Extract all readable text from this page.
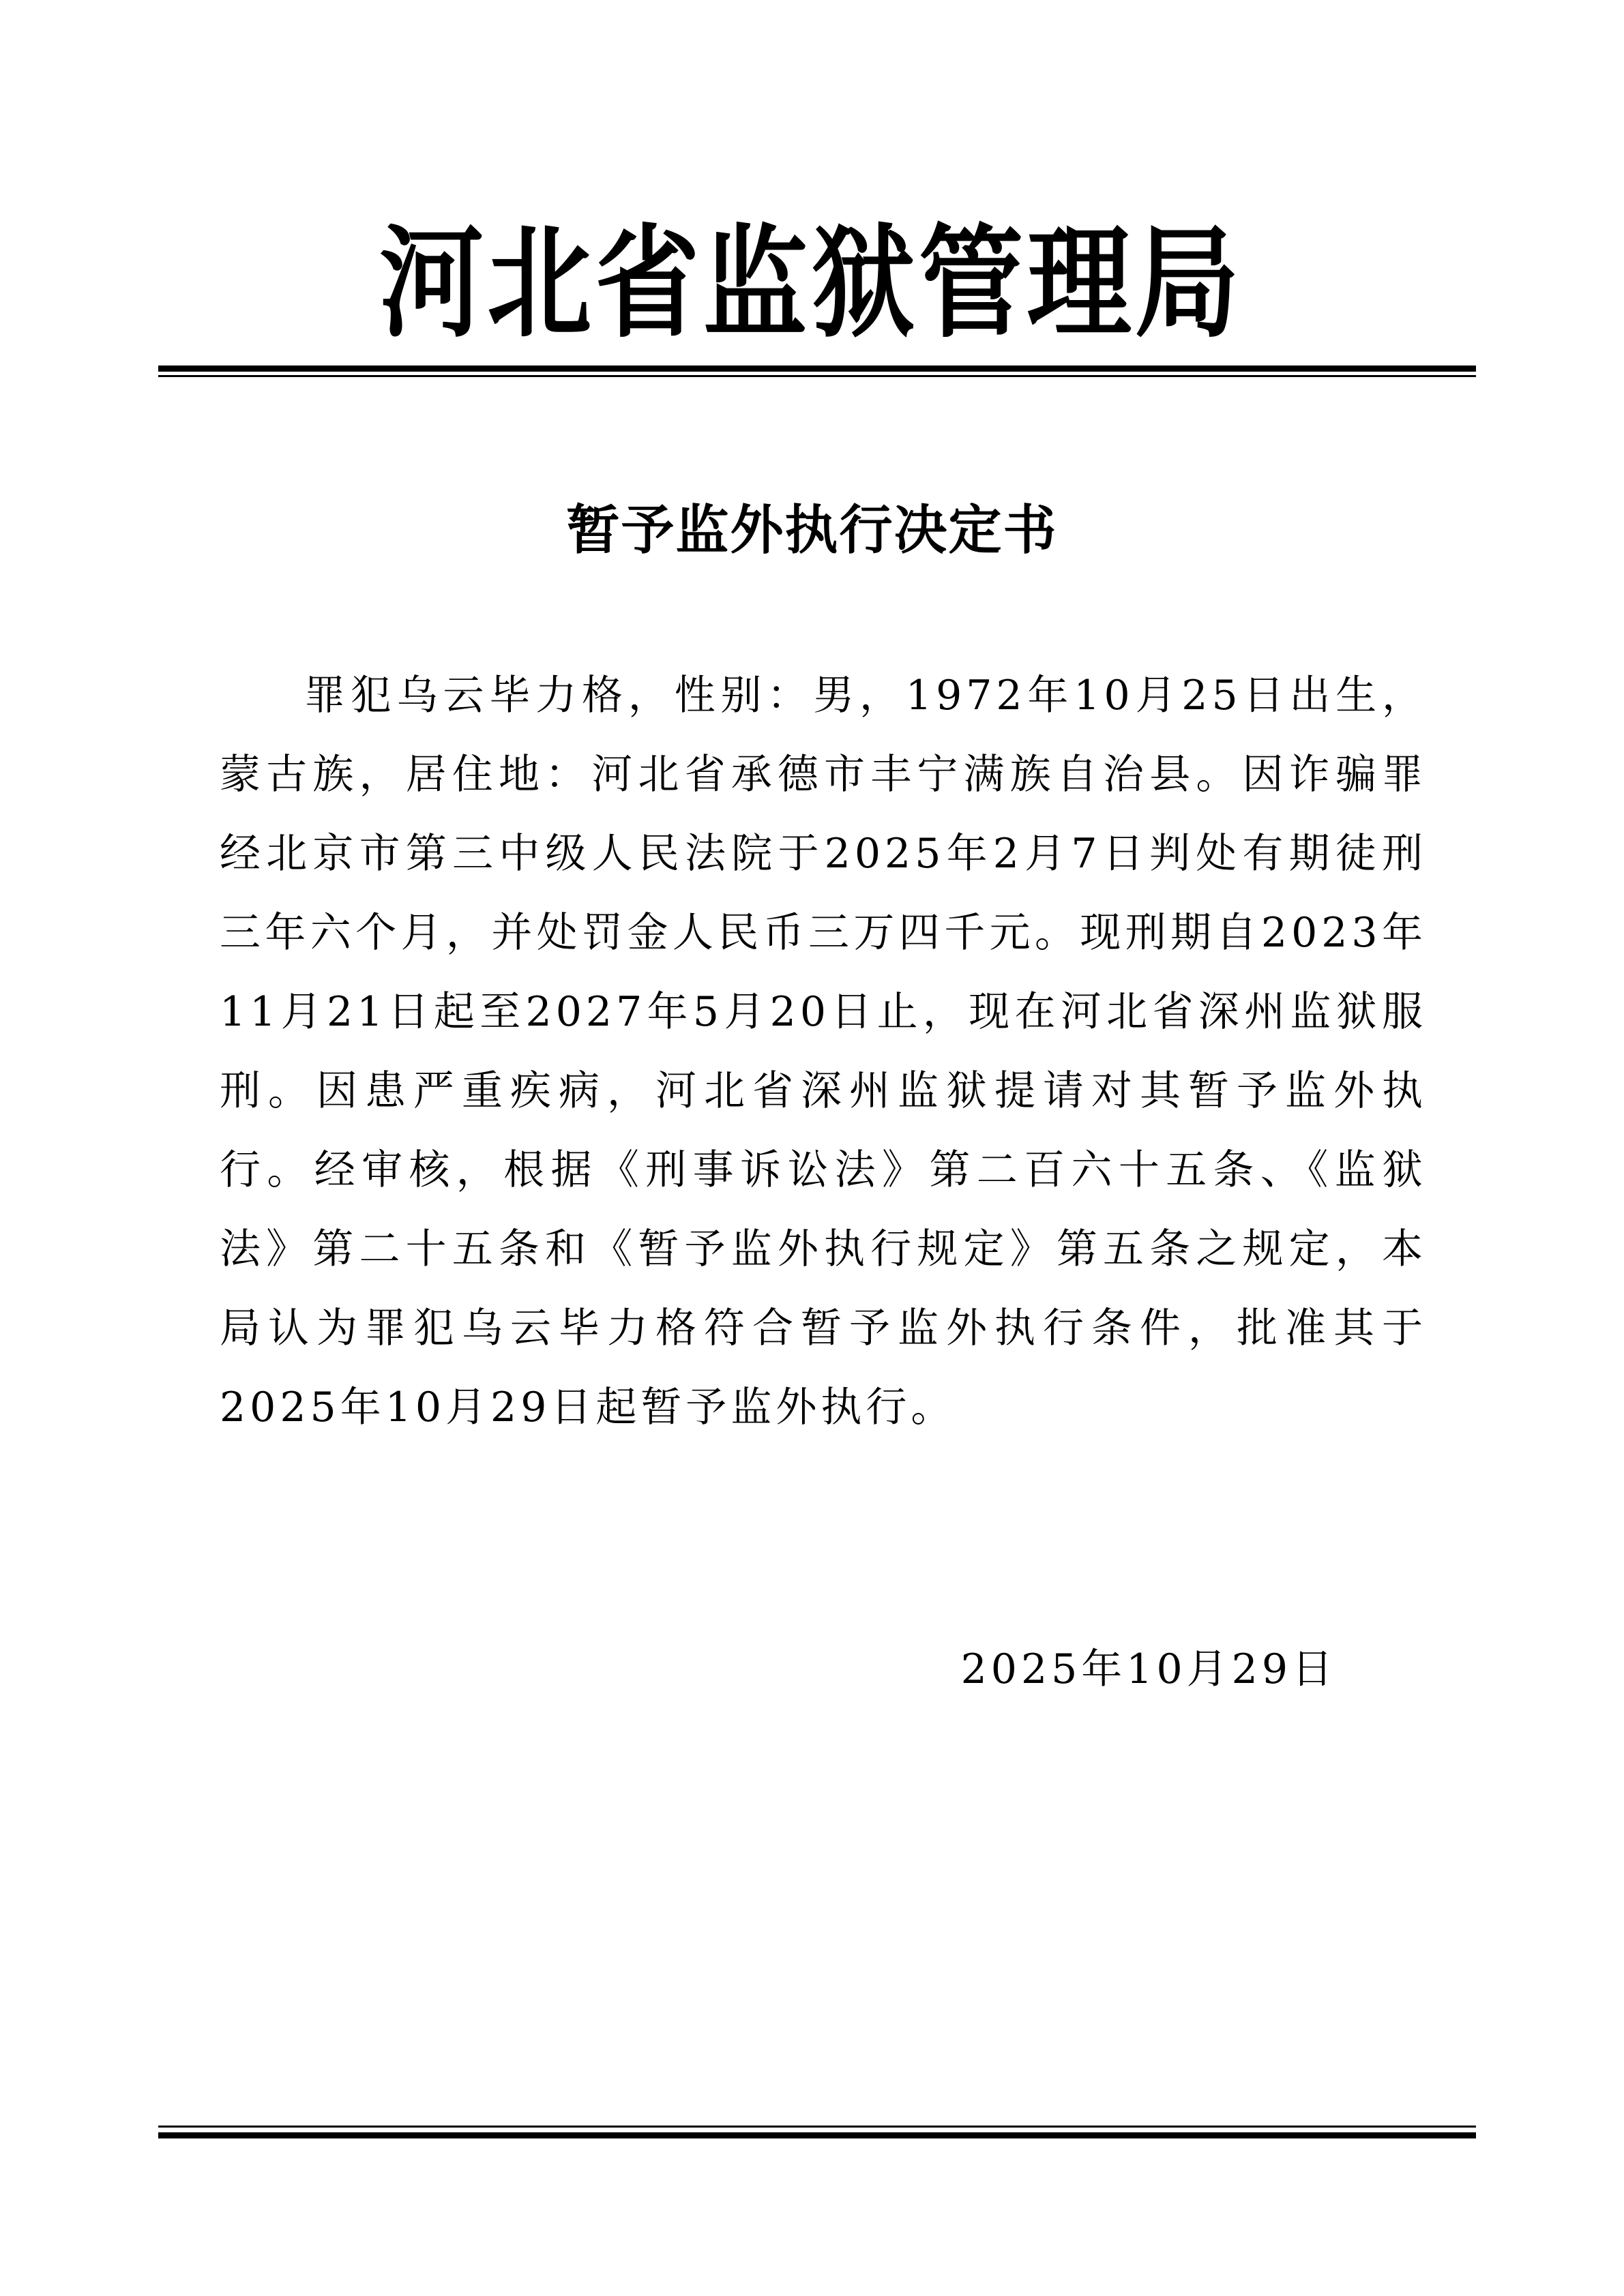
河北省监狱管理局
暂予监外执行决定书

罪犯乌云毕力格，性别：男，1972年10月25日出生，蒙古族，居住地：河北省承德市丰宁满族自治县。因诈骗罪经北京市第三中级人民法院于2025年2月7日判处有期徒刑三年六个月，并处罚金人民币三万四千元。现刑期自2023年11月21日起至2027年5月20日止，现在河北省深州监狱服刑。因患严重疾病，河北省深州监狱提请对其暂予监外执行。经审核，根据《刑事诉讼法》第二百六十五条、《监狱法》第二十五条和《暂予监外执行规定》第五条之规定，本局认为罪犯乌云毕力格符合暂予监外执行条件，批准其于2025年10月29日起暂予监外执行。

2025年10月29日
